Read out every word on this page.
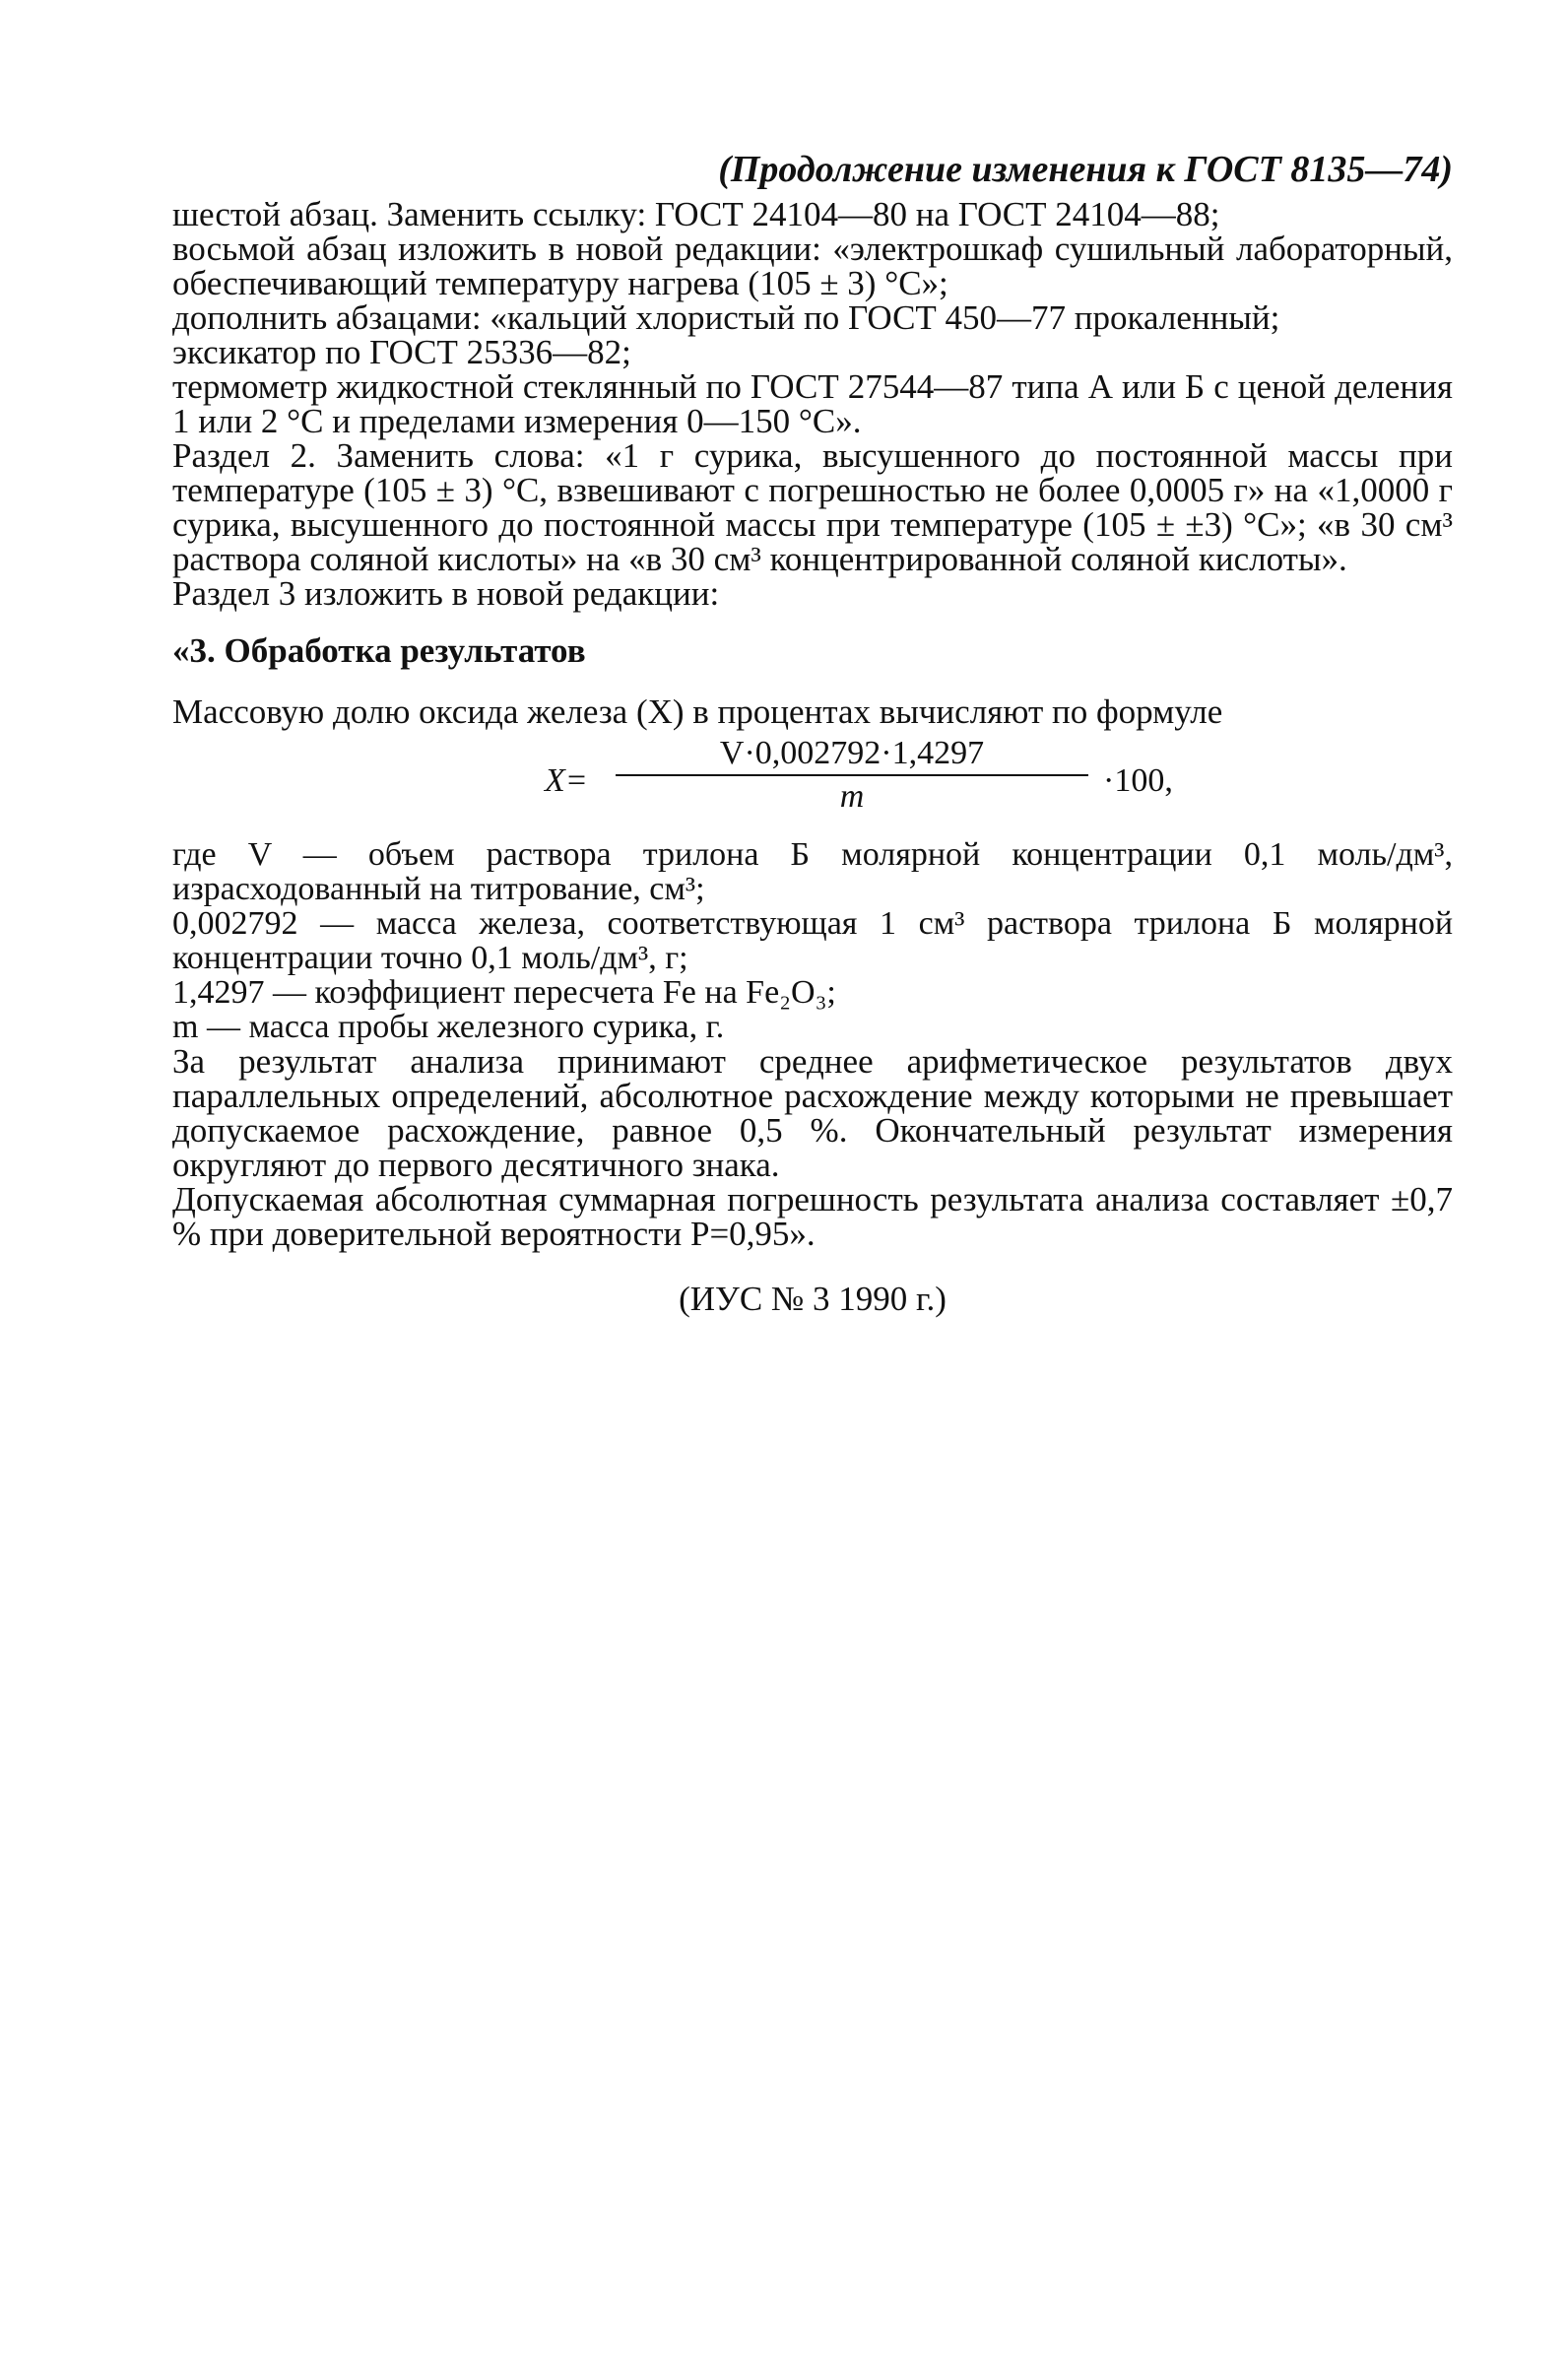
(Продолжение изменения к ГОСТ 8135—74)

шестой абзац. Заменить ссылку: ГОСТ 24104—80 на ГОСТ 24104—88;

восьмой абзац изложить в новой редакции: «электрошкаф сушильный лабораторный, обеспечивающий температуру нагрева (105 ± 3) °С»;

дополнить абзацами: «кальций хлористый по ГОСТ 450—77 прокаленный;

эксикатор по ГОСТ 25336—82;

термометр жидкостной стеклянный по ГОСТ 27544—87 типа А или Б с ценой деления 1 или 2 °С и пределами измерения 0—150 °С».

Раздел 2. Заменить слова: «1 г сурика, высушенного до постоянной массы при температуре (105 ± 3) °С, взвешивают с погрешностью не более 0,0005 г» на «1,0000 г сурика, высушенного до постоянной массы при температуре (105 ± ±3) °С»; «в 30 см³ раствора соляной кислоты» на «в 30 см³ концентрированной соляной кислоты».

Раздел 3 изложить в новой редакции:

«3. Обработка результатов
Массовую долю оксида железа (X) в процентах вычисляют по формуле
X=
V·0,002792·1,4297
m	·100,
где V — объем раствора трилона Б молярной концентрации 0,1 моль/дм³, израсходованный на титрование, см³;
0,002792 — масса железа, соответствующая 1 см³ раствора трилона Б молярной концентрации точно 0,1 моль/дм³, г;
1,4297 — коэффициент пересчета Fe на Fe₂O₃;
m — масса пробы железного сурика, г.

За результат анализа принимают среднее арифметическое результатов двух параллельных определений, абсолютное расхождение между которыми не превышает допускаемое расхождение, равное 0,5 %. Окончательный результат измерения округляют до первого десятичного знака.

Допускаемая абсолютная суммарная погрешность результата анализа составляет ±0,7 % при доверительной вероятности P=0,95».

(ИУС № 3 1990 г.)
